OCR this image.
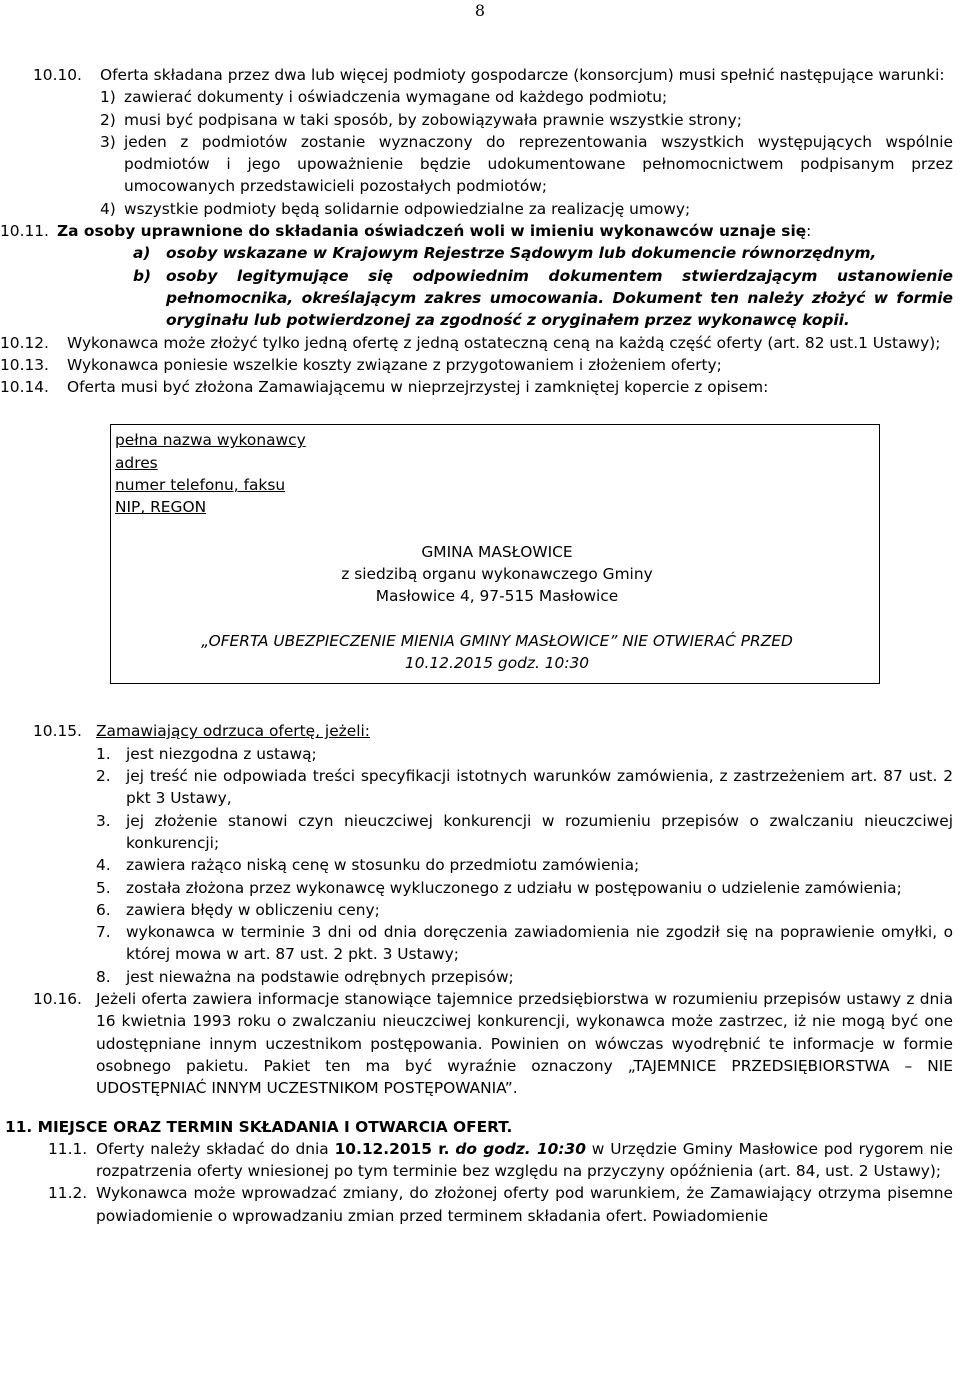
8
10.10.	Oferta składana przez dwa lub więcej podmioty gospodarcze (konsorcjum) musi spełnić następujące warunki:
1) zawierać dokumenty i oświadczenia wymagane od każdego podmiotu;
2) musi być podpisana w taki sposób, by zobowiązywała prawnie wszystkie strony;
3) jeden z podmiotów zostanie wyznaczony do reprezentowania wszystkich występujących wspólnie podmiotów i jego upoważnienie będzie udokumentowane pełnomocnictwem podpisanym przez umocowanych przedstawicieli pozostałych podmiotów;
4) wszystkie podmioty będą solidarnie odpowiedzialne za realizację umowy;
10.11. Za osoby uprawnione do składania oświadczeń woli w imieniu wykonawców uznaje się:
a)	osoby wskazane w Krajowym Rejestrze Sądowym lub dokumencie równorzędnym,
b) osoby legitymujące się odpowiednim dokumentem stwierdzającym ustanowienie pełnomocnika, określającym zakres umocowania. Dokument ten należy złożyć w formie oryginału lub potwierdzonej za zgodność z oryginałem przez wykonawcę kopii.
10.12.	Wykonawca może złożyć tylko jedną ofertę z jedną ostateczną ceną na każdą część oferty (art. 82 ust.1 Ustawy);
10.13.	Wykonawca poniesie wszelkie koszty związane z przygotowaniem i złożeniem oferty;
10.14.	Oferta musi być złożona Zamawiającemu w nieprzejrzystej i zamkniętej kopercie z opisem:
pełna nazwa wykonawcy
adres
numer telefonu, faksu
NIP, REGON
GMINA MASŁOWICE
z siedzibą organu wykonawczego Gminy
Masłowice 4, 97-515 Masłowice
„OFERTA UBEZPIECZENIE MIENIA GMINY MASŁOWICE” NIE OTWIERAĆ PRZED
10.12.2015 godz. 10:30
10.15. Zamawiający odrzuca ofertę, jeżeli:
1. jest niezgodna z ustawą;
2. jej treść nie odpowiada treści specyfikacji istotnych warunków zamówienia, z zastrzeżeniem art. 87 ust. 2 pkt 3 Ustawy,
3. jej złożenie stanowi czyn nieuczciwej konkurencji w rozumieniu przepisów o zwalczaniu nieuczciwej konkurencji;
4. zawiera rażąco niską cenę w stosunku do przedmiotu zamówienia;
5. została złożona przez wykonawcę wykluczonego z udziału w postępowaniu o udzielenie zamówienia;
6. zawiera błędy w obliczeniu ceny;
7. wykonawca w terminie 3 dni od dnia doręczenia zawiadomienia nie zgodził się na poprawienie omyłki, o której mowa w art. 87 ust. 2 pkt. 3 Ustawy;
8. jest nieważna na podstawie odrębnych przepisów;
10.16. Jeżeli oferta zawiera informacje stanowiące tajemnice przedsiębiorstwa w rozumieniu przepisów ustawy z dnia 16 kwietnia 1993 roku o zwalczaniu nieuczciwej konkurencji, wykonawca może zastrzec, iż nie mogą być one udostępniane innym uczestnikom postępowania. Powinien on wówczas wyodrębnić te informacje w formie osobnego pakietu. Pakiet ten ma być wyraźnie oznaczony „TAJEMNICE PRZEDSIĘBIORSTWA – NIE UDOSTĘPNIAĆ INNYM UCZESTNIKOM POSTĘPOWANIA”.
11. MIEJSCE ORAZ TERMIN SKŁADANIA I OTWARCIA OFERT.
11.1. Oferty należy składać do dnia 10.12.2015 r. do godz. 10:30 w Urzędzie Gminy Masłowice pod rygorem nie rozpatrzenia oferty wniesionej po tym terminie bez względu na przyczyny opóźnienia (art. 84, ust. 2 Ustawy);
11.2. Wykonawca może wprowadzać zmiany, do złożonej oferty pod warunkiem, że Zamawiający otrzyma pisemne powiadomienie o wprowadzaniu zmian przed terminem składania ofert. Powiadomienie
